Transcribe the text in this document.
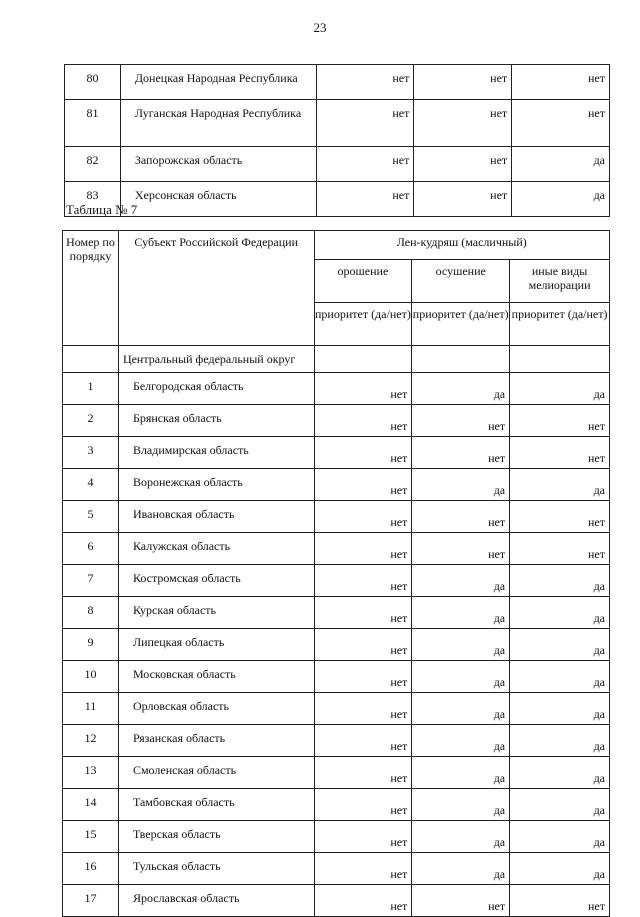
23
80	Донецкая Народная Республика	нет	нет	нет
81	Луганская Народная Республика	нет	нет	нет
82	Запорожская область	нет	нет	да
83	Херсонская область	нет	нет	да
Таблица № 7
Номер по порядку	Субъект Российской Федерации	Лен-кудряш (масличный)		
		орошение	осушение	иные виды мелиорации
		приоритет (да/нет)	приоритет (да/нет)	приоритет (да/нет)
	Центральный федеральный округ			
1	Белгородская область	нет	да	да
2	Брянская область	нет	нет	нет
3	Владимирская область	нет	нет	нет
4	Воронежская область	нет	да	да
5	Ивановская область	нет	нет	нет
6	Калужская область	нет	нет	нет
7	Костромская область	нет	да	да
8	Курская область	нет	да	да
9	Липецкая область	нет	да	да
10	Московская область	нет	да	да
11	Орловская область	нет	да	да
12	Рязанская область	нет	да	да
13	Смоленская область	нет	да	да
14	Тамбовская область	нет	да	да
15	Тверская область	нет	да	да
16	Тульская область	нет	да	да
17	Ярославская область	нет	нет	нет
